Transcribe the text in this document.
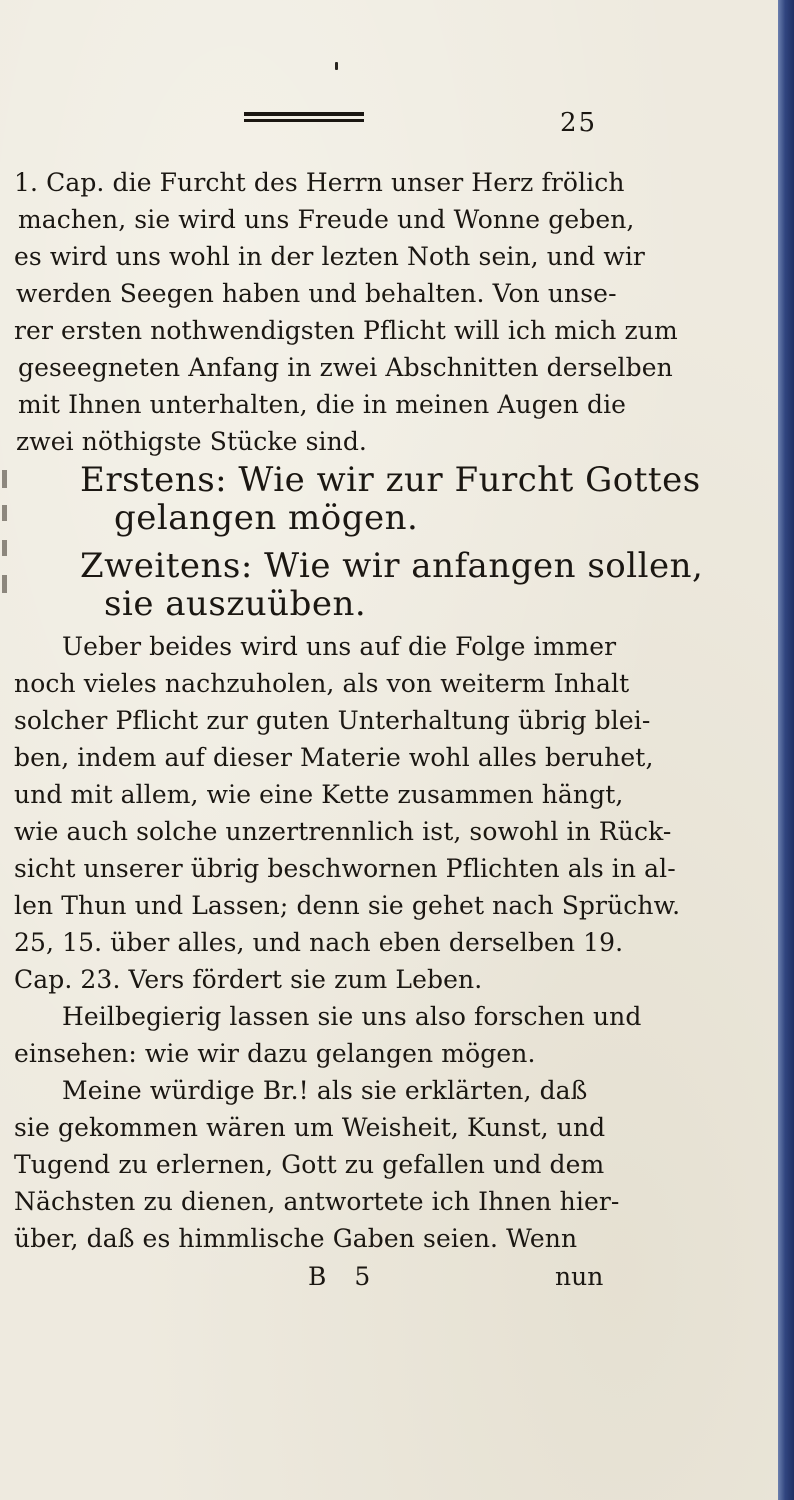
25
1. Cap. die Furcht des Herrn unser Herz frölich
machen, sie wird uns Freude und Wonne geben,
es wird uns wohl in der lezten Noth sein, und wir
werden Seegen haben und behalten. Von unse-
rer ersten nothwendigsten Pflicht will ich mich zum
geseegneten Anfang in zwei Abschnitten derselben
mit Ihnen unterhalten, die in meinen Augen die
zwei nöthigste Stücke sind.
Erstens: Wie wir zur Furcht Gottes
gelangen mögen.
Zweitens: Wie wir anfangen sollen,
sie auszuüben.
Ueber beides wird uns auf die Folge immer
noch vieles nachzuholen, als von weiterm Inhalt
solcher Pflicht zur guten Unterhaltung übrig blei-
ben, indem auf dieser Materie wohl alles beruhet,
und mit allem, wie eine Kette zusammen hängt,
wie auch solche unzertrennlich ist, sowohl in Rück-
sicht unserer übrig beschwornen Pflichten als in al-
len Thun und Lassen; denn sie gehet nach Sprüchw.
25, 15. über alles, und nach eben derselben 19.
Cap. 23. Vers fördert sie zum Leben.
Heilbegierig lassen sie uns also forschen und
einsehen: wie wir dazu gelangen mögen.
Meine würdige Br.! als sie erklärten, daß
sie gekommen wären um Weisheit, Kunst, und
Tugend zu erlernen, Gott zu gefallen und dem
Nächsten zu dienen, antwortete ich Ihnen hier-
über, daß es himmlische Gaben seien. Wenn
B 5	nun
